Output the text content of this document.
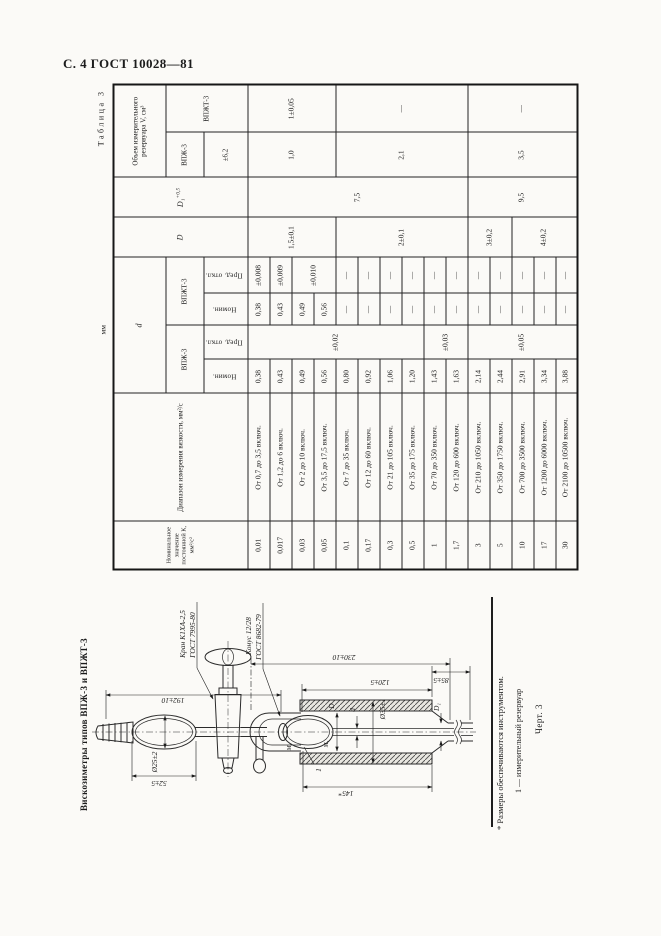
С. 4 ГОСТ 10028—81
Таблица 3
мм
Номинальное значение постоянной К, мм²/с²	Диапазон измерения вязкости, мм²/с	d				D	D₁$^{+0,5}$	Объем измерительного резервуара V, см³	
		ВПЖ-3		ВПЖТ-3				ВПЖ-3	ВПЖТ-3
		Номин.	Пред. откл.	Номин.	Пред. откл.			±6,2	
0,01	От 0,7 до 3,5 включ.	0,38	±0,02	0,38	±0,008	1,5±0,1	7,5	1,0	1±0,05
0,017	От 1,2 до 6 включ.	0,43		0,43	±0,009				
0,03	От 2 до 10 включ.	0,49		0,49	±0,010				
0,05	От 3,5 до 17,5 включ.	0,56		0,56					
0,1	От 7 до 35 включ.	0,80		—	—	2±0,1		2,1	—
0,17	От 12 до 60 включ.	0,92		—	—				
0,3	От 21 до 105 включ.	1,06		—	—				
0,5	От 35 до 175 включ.	1,20		—	—				
1	От 70 до 350 включ.	1,43	±0,03	—	—				
1,7	От 120 до 600 включ.	1,63		—	—				
3	От 210 до 1050 включ.	2,14	±0,05	—	—	3±0,2	9,5	3,5	—
5	От 350 до 1750 включ.	2,44		—	—				
10	От 700 до 3500 включ.	2,91		—	—	4±0,2			
17	От 1200 до 6000 включ.	3,34		—	—				
30	От 2100 до 10500 включ.	3,88		—	—				
Вискозиметры типов ВПЖ-3 и ВПЖТ-3	* Размеры обеспечиваются инструментом. 1 — измерительный резервуар Черт. 3
192±10
230±10
120±5	85±5
52±5
145*
Ø25±2
Ø35±1
D
d	D₁
М₁
М₂
1
Кран К1ХА-2,5 ГОСТ 7995-80	Конус 12/28 ГОСТ 8682-79
